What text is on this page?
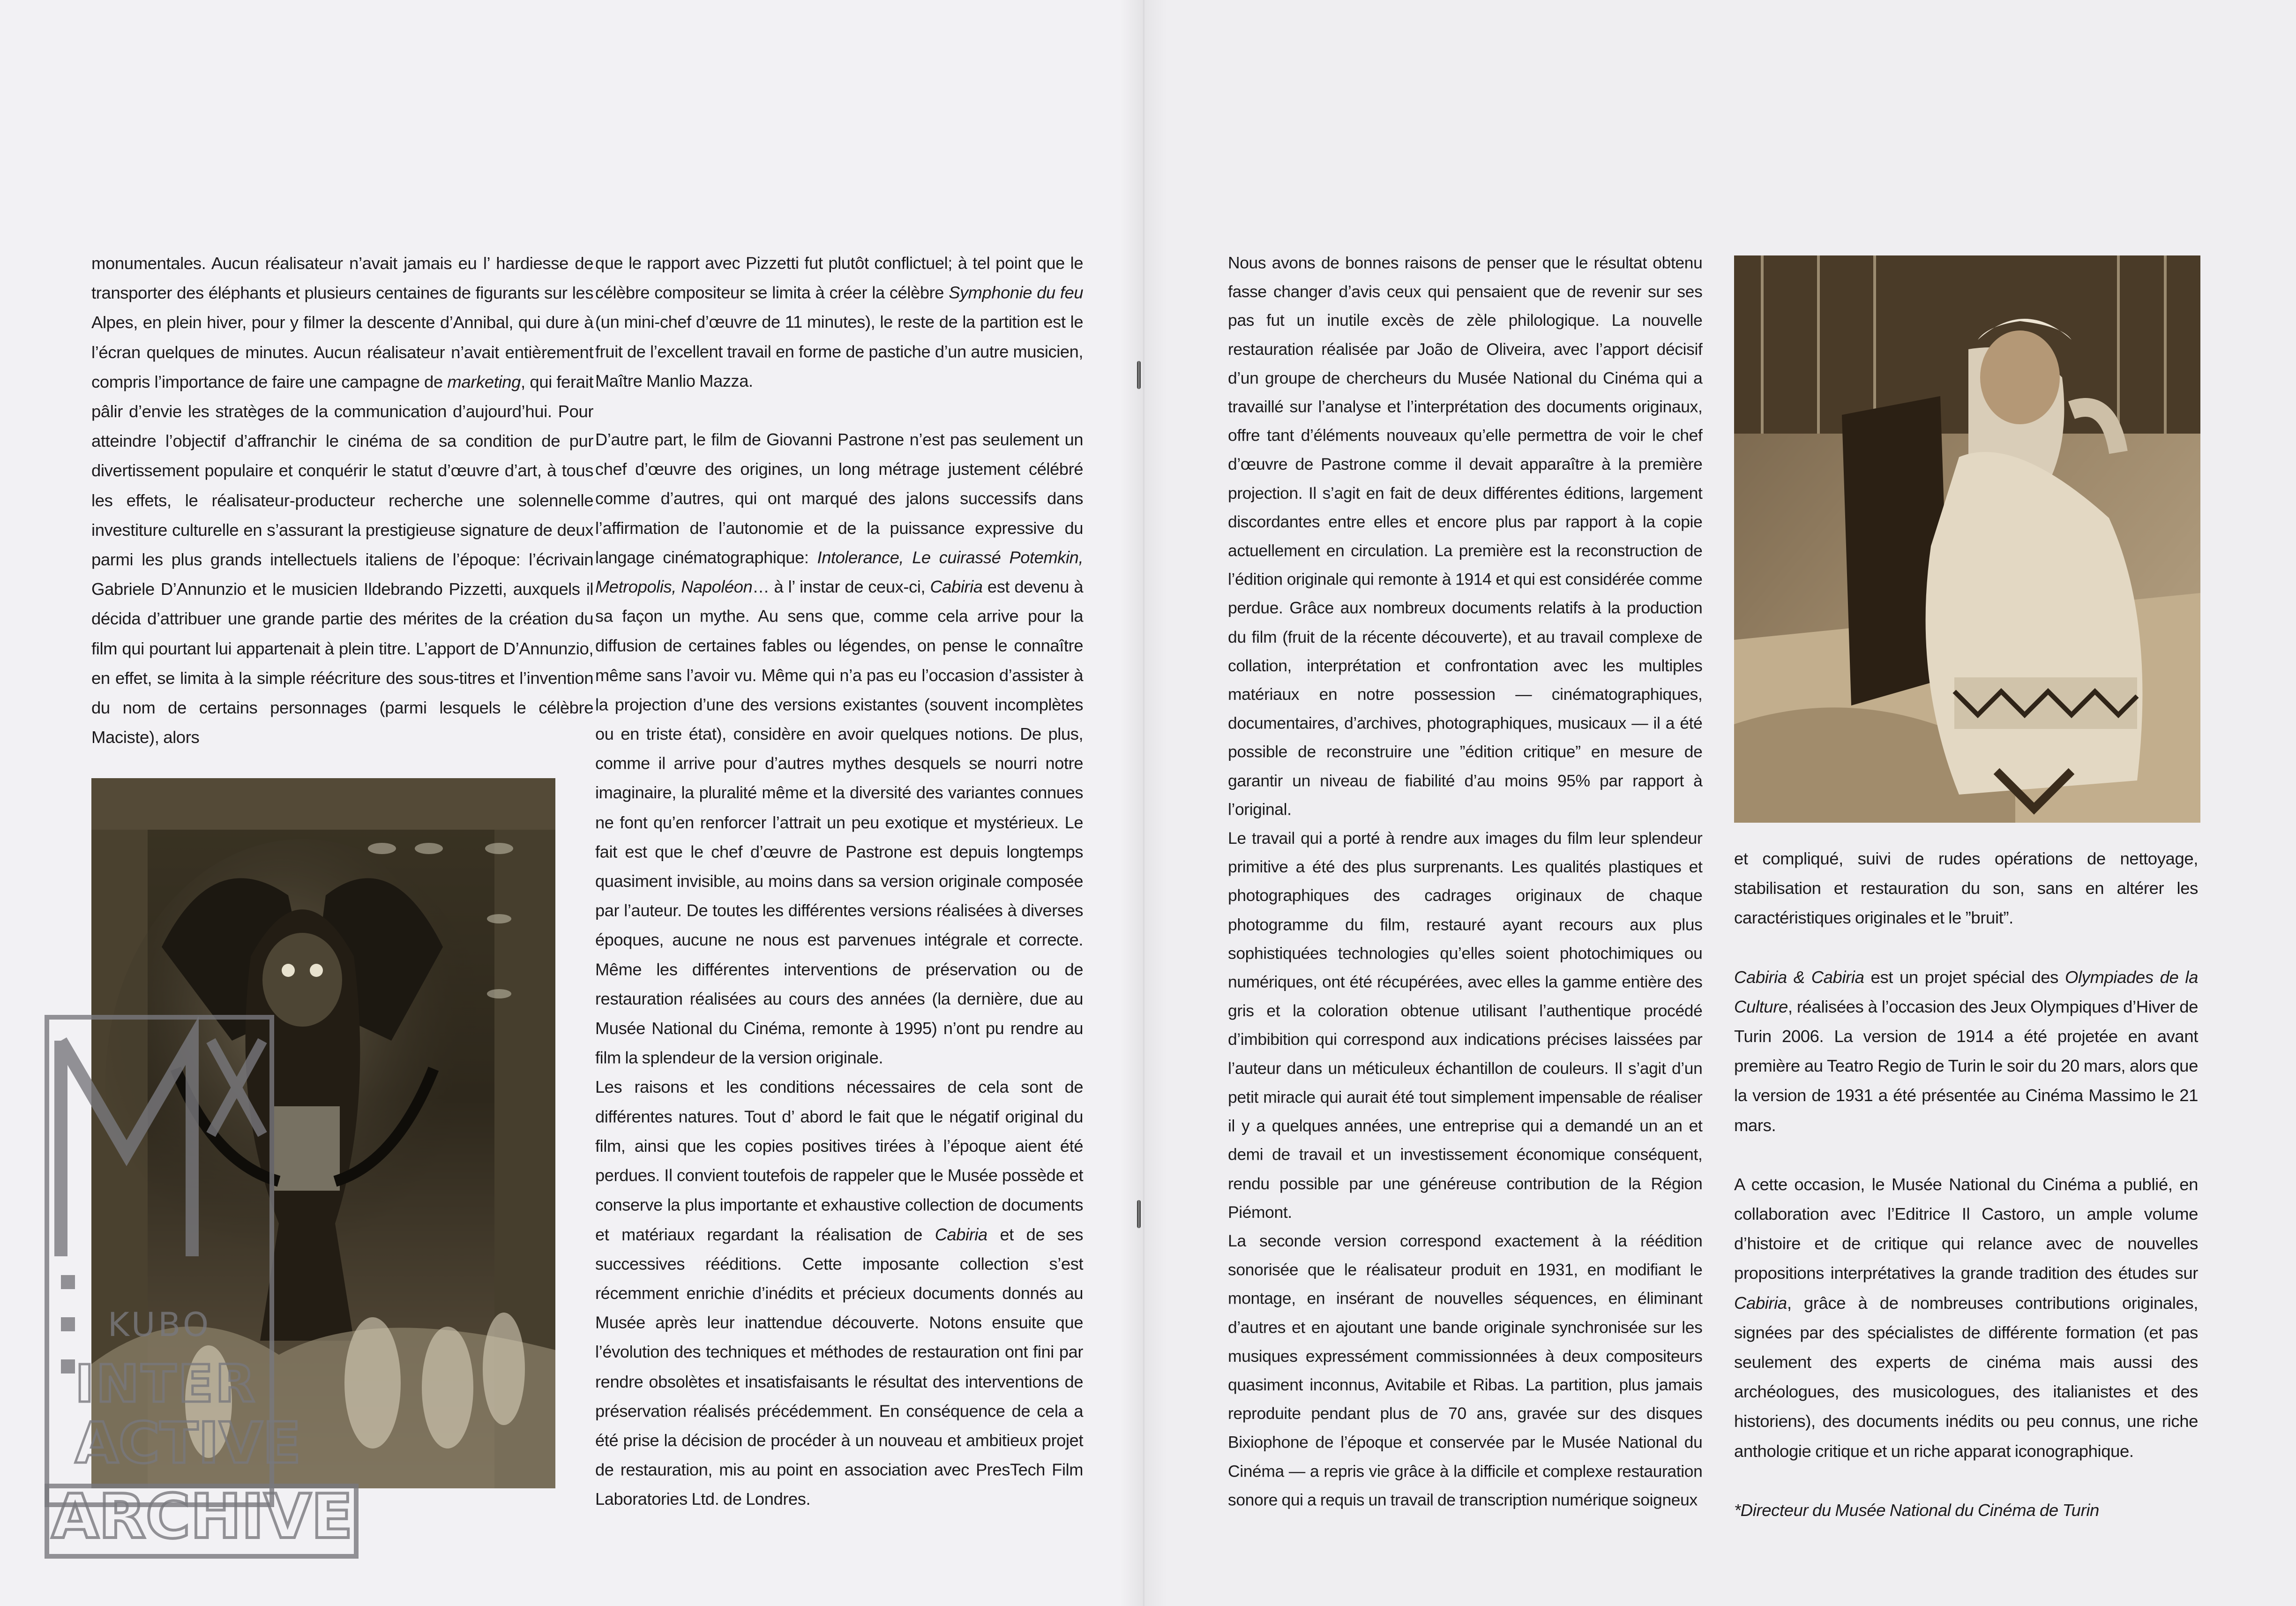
monumentales. Aucun réalisateur n’avait jamais eu l’ hardiesse de transporter des éléphants et plusieurs centaines de figurants sur les Alpes, en plein hiver, pour y filmer la descente d’Annibal, qui dure à l’écran quelques de minutes. Aucun réalisateur n’avait entièrement compris l’importance de faire une campagne de marketing, qui ferait pâlir d’envie les stratèges de la communication d’aujourd’hui. Pour atteindre l’objectif d’affranchir le cinéma de sa condition de pur divertissement populaire et conquérir le statut d’œuvre d’art, à tous les effets, le réalisateur-producteur recherche une solennelle investiture culturelle en s’assurant la prestigieuse signature de deux parmi les plus grands intellectuels italiens de l’époque: l’écrivain Gabriele D’Annunzio et le musicien Ildebrando Pizzetti, auxquels il décida d’attribuer une grande partie des mérites de la création du film qui pourtant lui appartenait à plein titre. L’apport de D’Annunzio, en effet, se limita à la simple réécriture des sous-titres et l’invention du nom de certains personnages (parmi lesquels le célèbre Maciste), alors

KUBO
INTER
ACTIVE
ARCHIVE

que le rapport avec Pizzetti fut plutôt conflictuel; à tel point que le célèbre compositeur se limita à créer la célèbre Symphonie du feu (un mini-chef d’œuvre de 11 minutes), le reste de la partition est le fruit de l’excellent travail en forme de pastiche d’un autre musicien, Maître Manlio Mazza.

D’autre part, le film de Giovanni Pastrone n’est pas seulement un chef d’œuvre des origines, un long métrage justement célébré comme d’autres, qui ont marqué des jalons successifs dans l’affirmation de l’autonomie et de la puissance expressive du langage cinématographique: Intolerance, Le cuirassé Potemkin, Metropolis, Napoléon… à l’ instar de ceux-ci, Cabiria est devenu à sa façon un mythe. Au sens que, comme cela arrive pour la diffusion de certaines fables ou légendes, on pense le connaître même sans l’avoir vu. Même qui n’a pas eu l’occasion d’assister à la projection d’une des versions existantes (souvent incomplètes ou en triste état), considère en avoir quelques notions. De plus, comme il arrive pour d’autres mythes desquels se nourri notre imaginaire, la pluralité même et la diversité des variantes connues ne font qu’en renforcer l’attrait un peu exotique et mystérieux. Le fait est que le chef d’œuvre de Pastrone est depuis longtemps quasiment invisible, au moins dans sa version originale composée par l’auteur. De toutes les différentes versions réalisées à diverses époques, aucune ne nous est parvenues intégrale et correcte. Même les différentes interventions de préservation ou de restauration réalisées au cours des années (la dernière, due au Musée National du Cinéma, remonte à 1995) n’ont pu rendre au film la splendeur de la version originale.

Les raisons et les conditions nécessaires de cela sont de différentes natures. Tout d’ abord le fait que le négatif original du film, ainsi que les copies positives tirées à l’époque aient été perdues. Il convient toutefois de rappeler que le Musée possède et conserve la plus importante et exhaustive collection de documents et matériaux regardant la réalisation de Cabiria et de ses successives rééditions. Cette imposante collection s’est récemment enrichie d’inédits et précieux documents donnés au Musée après leur inattendue découverte. Notons ensuite que l’évolution des techniques et méthodes de restauration ont fini par rendre obsolètes et insatisfaisants le résultat des interventions de préservation réalisés précédemment. En conséquence de cela a été prise la décision de procéder à un nouveau et ambitieux projet de restauration, mis au point en association avec PresTech Film Laboratories Ltd. de Londres.

Nous avons de bonnes raisons de penser que le résultat obtenu fasse changer d’avis ceux qui pensaient que de revenir sur ses pas fut un inutile excès de zèle philologique. La nouvelle restauration réalisée par João de Oliveira, avec l’apport décisif d’un groupe de chercheurs du Musée National du Cinéma qui a travaillé sur l’analyse et l’interprétation des documents originaux, offre tant d’éléments nouveaux qu’elle permettra de voir le chef d’œuvre de Pastrone comme il devait apparaître à la première projection. Il s’agit en fait de deux différentes éditions, largement discordantes entre elles et encore plus par rapport à la copie actuellement en circulation. La première est la reconstruction de l’édition originale qui remonte à 1914 et qui est considérée comme perdue. Grâce aux nombreux documents relatifs à la production du film (fruit de la récente découverte), et au travail complexe de collation, interprétation et confrontation avec les multiples matériaux en notre possession — cinématographiques, documentaires, d’archives, photographiques, musicaux — il a été possible de reconstruire une ”édition critique” en mesure de garantir un niveau de fiabilité d’au moins 95% par rapport à l’original.

Le travail qui a porté à rendre aux images du film leur splendeur primitive a été des plus surprenants. Les qualités plastiques et photographiques des cadrages originaux de chaque photogramme du film, restauré ayant recours aux plus sophistiquées technologies qu’elles soient photochimiques ou numériques, ont été récupérées, avec elles la gamme entière des gris et la coloration obtenue utilisant l’authentique procédé d’imbibition qui correspond aux indications précises laissées par l’auteur dans un méticuleux échantillon de couleurs. Il s’agit d’un petit miracle qui aurait été tout simplement impensable de réaliser il y a quelques années, une entreprise qui a demandé un an et demi de travail et un investissement économique conséquent, rendu possible par une généreuse contribution de la Région Piémont.

La seconde version correspond exactement à la réédition sonorisée que le réalisateur produit en 1931, en modifiant le montage, en insérant de nouvelles séquences, en éliminant d’autres et en ajoutant une bande originale synchronisée sur les musiques expressément commissionnées à deux compositeurs quasiment inconnus, Avitabile et Ribas. La partition, plus jamais reproduite pendant plus de 70 ans, gravée sur des disques Bixiophone de l’époque et conservée par le Musée National du Cinéma — a repris vie grâce à la difficile et complexe restauration sonore qui a requis un travail de transcription numérique soigneux

et compliqué, suivi de rudes opérations de nettoyage, stabilisation et restauration du son, sans en altérer les caractéristiques originales et le ”bruit”.

Cabiria & Cabiria est un projet spécial des Olympiades de la Culture, réalisées à l’occasion des Jeux Olympiques d’Hiver de Turin 2006. La version de 1914 a été projetée en avant première au Teatro Regio de Turin le soir du 20 mars, alors que la version de 1931 a été présentée au Cinéma Massimo le 21 mars.

A cette occasion, le Musée National du Cinéma a publié, en collaboration avec l’Editrice Il Castoro, un ample volume d’histoire et de critique qui relance avec de nouvelles propositions interprétatives la grande tradition des études sur Cabiria, grâce à de nombreuses contributions originales, signées par des spécialistes de différente formation (et pas seulement des experts de cinéma mais aussi des archéologues, des musicologues, des italianistes et des historiens), des documents inédits ou peu connus, une riche anthologie critique et un riche apparat iconographique.

*Directeur du Musée National du Cinéma de Turin
